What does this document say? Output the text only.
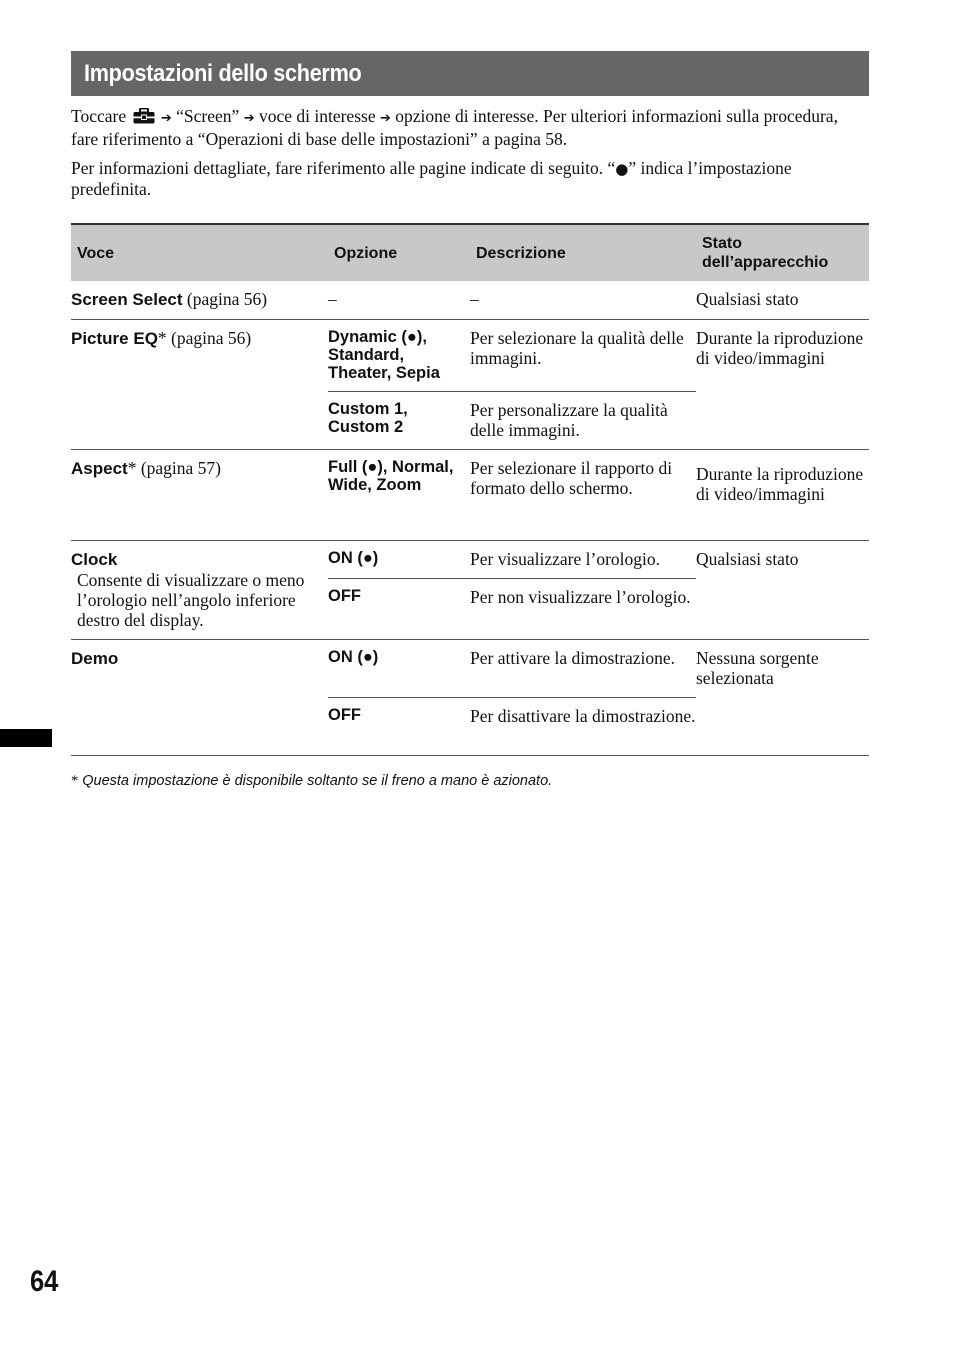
Impostazioni dello schermo

Toccare	➔ “Screen” ➔ voce di interesse ➔ opzione di interesse. Per ulteriori informazioni sulla procedura, fare riferimento a “Operazioni di base delle impostazioni” a pagina 58.

Per informazioni dettagliate, fare riferimento alle pagine indicate di seguito. “●” indica l’impostazione predefinita.

Voce	Opzione	Descrizione	Stato dell’apparecchio
Screen Select (pagina 56)	–	–	Qualsiasi stato
Picture EQ* (pagina 56)	Dynamic (●), Standard, Theater, Sepia	Per selezionare la qualità delle immagini.	Durante la riproduzione di video/immagini

	Custom 1, Custom 2	Per personalizzare la qualità delle immagini.	
Aspect* (pagina 57)	Full (●), Normal, Wide, Zoom	Per selezionare il rapporto di formato dello schermo.	Durante la riproduzione di video/immagini
Clock
Consente di visualizzare o meno l’orologio nell’angolo inferiore destro del display.	ON (●)	Per visualizzare l’orologio.	Qualsiasi stato

	OFF	Per non visualizzare l’orologio.	
Demo	ON (●)	Per attivare la dimostrazione.	Nessuna sorgente selezionata

	OFF	Per disattivare la dimostrazione.	

* Questa impostazione è disponibile soltanto se il freno a mano è azionato.

64
